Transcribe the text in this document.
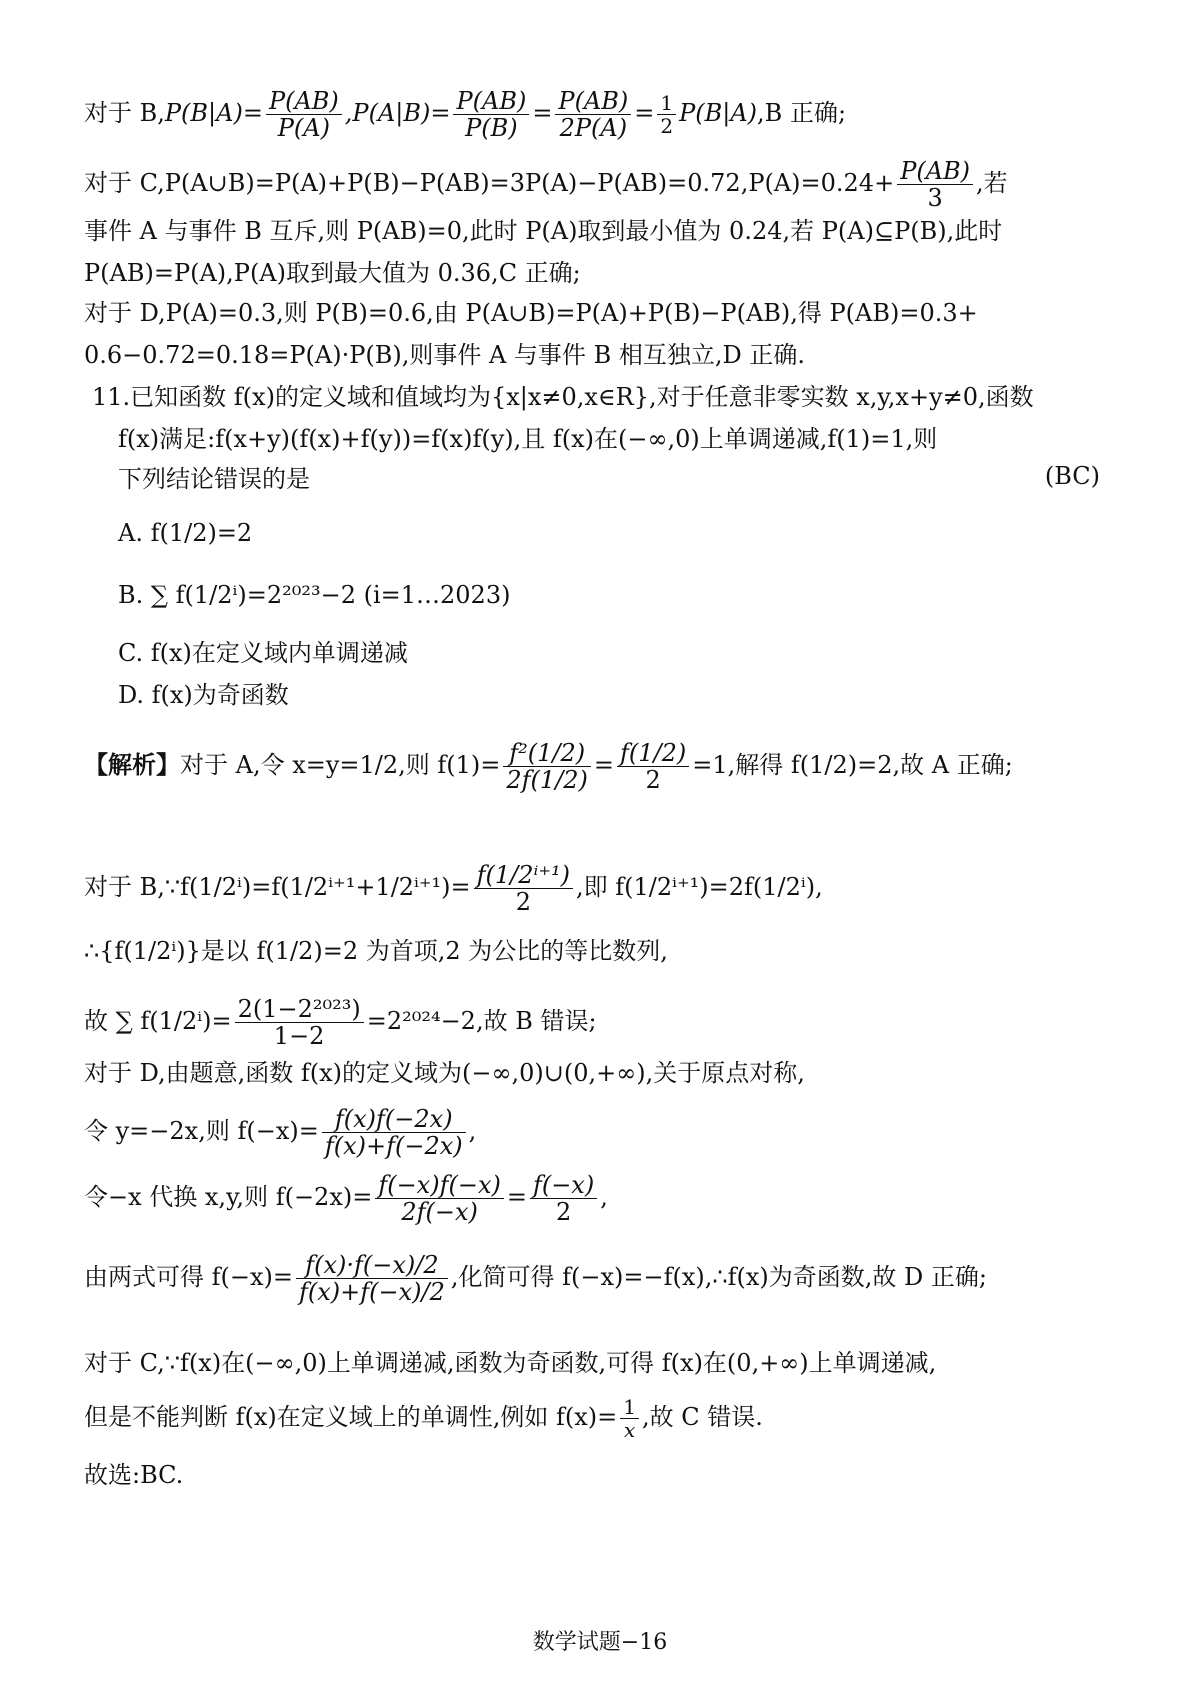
对于 $B,P(B|A)= \frac{P(AB)}{P(A)} ,P(A|B)= \frac{P(AB)}{P(B)} = \frac{P(AB)}{2P(A)} = \frac{1}{2} P(B|A),B$ 正确;
对于 C,P(A∪B)=P(A)+P(B)−P(AB)=3P(A)−P(AB)=0.72,P(A)=0.24+ $\frac{P(AB)}{3}$ ,若
事件 A 与事件 B 互斥,则 P(AB)=0,此时 P(A)取到最小值为 0.24,若 P(A)⊆P(B),此时
P(AB)=P(A),P(A)取到最大值为 0.36,C 正确;
对于 D,P(A)=0.3,则 P(B)=0.6,由 P(A∪B)=P(A)+P(B)−P(AB),得 P(AB)=0.3+
0.6−0.72=0.18=P(A)·P(B),则事件 A 与事件 B 相互独立,D 正确.
11.已知函数 f(x)的定义域和值域均为{x|x≠0,x∈R},对于任意非零实数 x,y,x+y≠0,函数
f(x)满足:f(x+y)(f(x)+f(y))=f(x)f(y),且 f(x)在(−∞,0)上单调递减,f(1)=1,则
下列结论错误的是	(BC)
A. f(1/2)=2
B. ∑ f(1/2ⁱ)=2²⁰²³−2 (i=1…2023)
C. f(x)在定义域内单调递减
D. f(x)为奇函数
【解析】对于 A,令 x=y=1/2,则 $f(1)= \frac{\text{f²(1/2)}}{2f(1/2)} = \frac{f(1/2)}{2} =1$,解得 f(1/2)=2,故 A 正确;
对于 B,∵f(1/2ⁱ)=f(1/2ⁱ⁺¹+1/2ⁱ⁺¹)= $\frac{\text{f(1/2ⁱ⁺¹)}}{2}$ ,即 f(1/2ⁱ⁺¹)=2f(1/2ⁱ),
∴{f(1/2ⁱ)}是以 f(1/2)=2 为首项,2 为公比的等比数列,
故 ∑ $f(1/2^i)= \frac{\text{2(1−2²⁰²³)}}{1-2} =2^{2024}-2$,故 B 错误;
对于 D,由题意,函数 f(x)的定义域为(−∞,0)∪(0,+∞),关于原点对称,
令 y=−2x,则 $f(-x)= \frac{f(x)f(-2x)}{f(x)+f(-2x)}$ ,
令−x 代换 x,y,则 $f(-2x)= \frac{f(-x)f(-x)}{2f(-x)} = \frac{f(-x)}{2}$ ,
由两式可得 $f(-x)= \frac{f(x)\cdot f(-x)/2}{f(x)+f(-x)/2}$ ,化简可得 f(−x)=−f(x),∴f(x)为奇函数,故 D 正确;
对于 C,∵f(x)在(−∞,0)上单调递减,函数为奇函数,可得 f(x)在(0,+∞)上单调递减,
但是不能判断 f(x)在定义域上的单调性,例如 $f(x)= \frac{1}{x}$ ,故 C 错误.
故选:BC.
数学试题−16
